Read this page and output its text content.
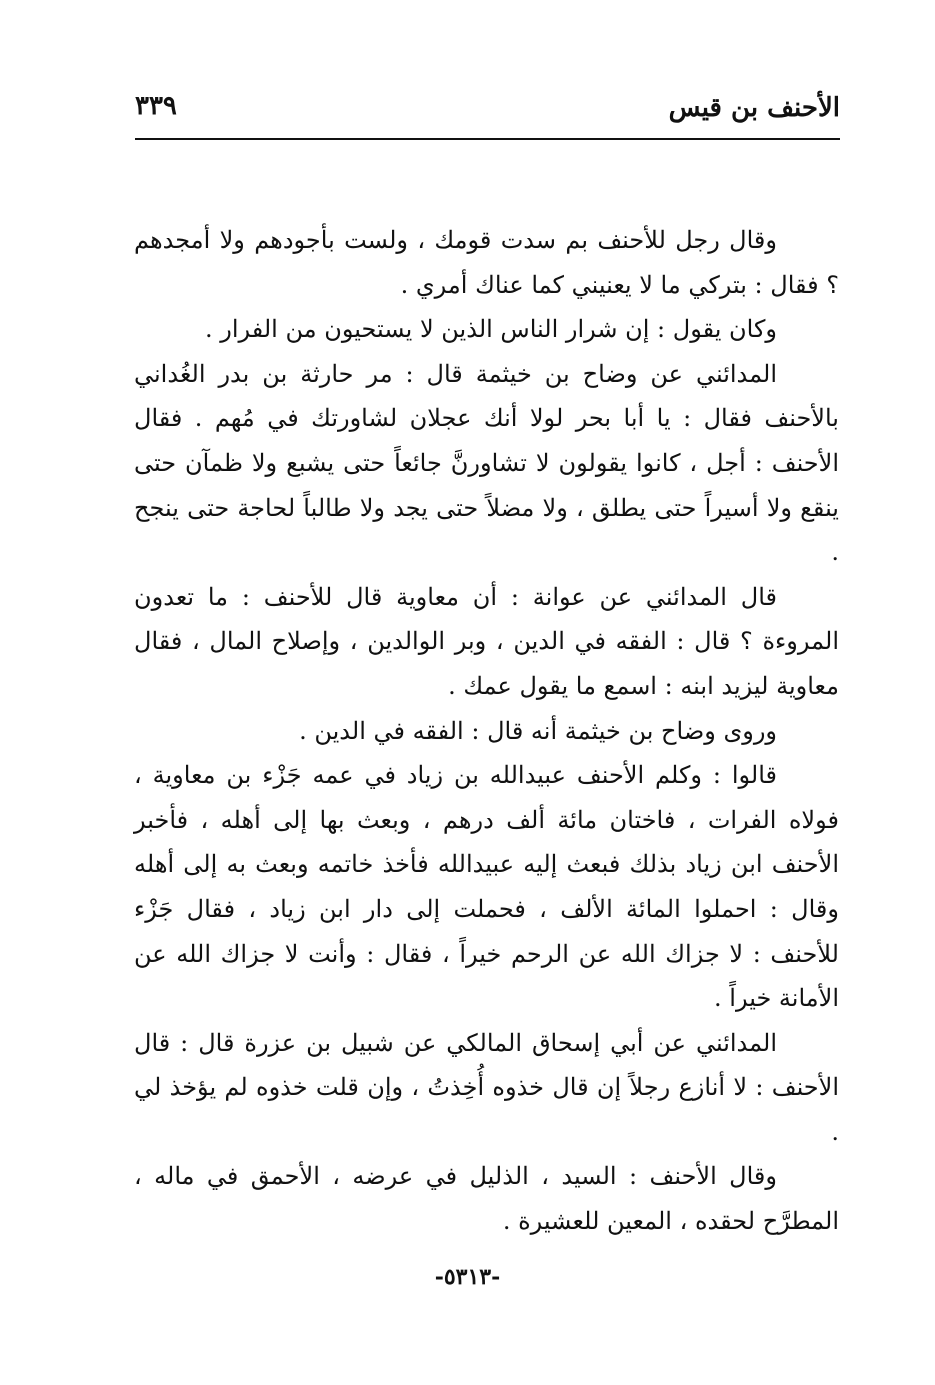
الأحنف بن قيس
٣٣٩

وقال رجل للأحنف بم سدت قومك ، ولست بأجودهم ولا أمجدهم ؟ فقال : بتركي ما لا يعنيني كما عناك أمري .

وكان يقول : إن شرار الناس الذين لا يستحيون من الفرار .

المدائني عن وضاح بن خيثمة قال : مر حارثة بن بدر الغُداني بالأحنف فقال : يا أبا بحر لولا أنك عجلان لشاورتك في مُهم . فقال الأحنف : أجل ، كانوا يقولون لا تشاورنَّ جائعاً حتى يشبع ولا ظمآن حتى ينقع ولا أسيراً حتى يطلق ، ولا مضلاً حتى يجد ولا طالباً لحاجة حتى ينجح .

قال المدائني عن عوانة : أن معاوية قال للأحنف : ما تعدون المروءة ؟ قال : الفقه في الدين ، وبر الوالدين ، وإصلاح المال ، فقال معاوية ليزيد ابنه : اسمع ما يقول عمك .

وروى وضاح بن خيثمة أنه قال : الفقه في الدين .

قالوا : وكلم الأحنف عبيدالله بن زياد في عمه جَزْء بن معاوية ، فولاه الفرات ، فاختان مائة ألف درهم ، وبعث بها إلى أهله ، فأخبر الأحنف ابن زياد بذلك فبعث إليه عبيدالله فأخذ خاتمه وبعث به إلى أهله وقال : احملوا المائة الألف ، فحملت إلى دار ابن زياد ، فقال جَزْء للأحنف : لا جزاك الله عن الرحم خيراً ، فقال : وأنت لا جزاك الله عن الأمانة خيراً .

المدائني عن أبي إسحاق المالكي عن شبيل بن عزرة قال : قال الأحنف : لا أنازع رجلاً إن قال خذوه أُخِذتُ ، وإن قلت خذوه لم يؤخذ لي .

وقال الأحنف : السيد ، الذليل في عرضه ، الأحمق في ماله ، المطرَّح لحقده ، المعين للعشيرة .

-٥٣١٣-
